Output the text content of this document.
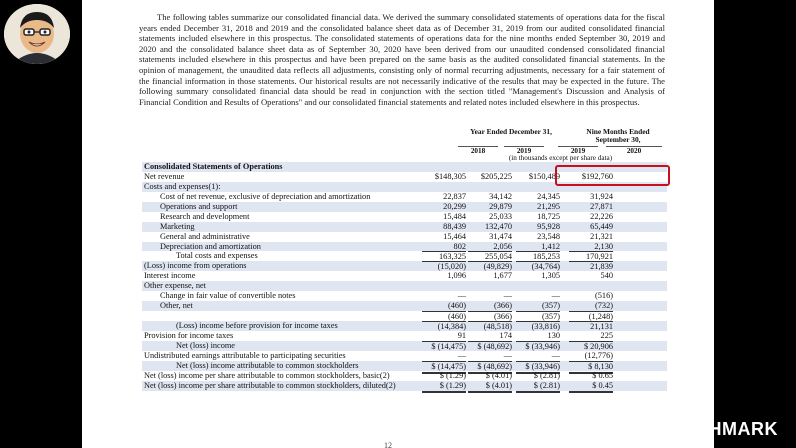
The following tables summarize our consolidated financial data. We derived the summary consolidated statements of operations data for the fiscal years ended December 31, 2018 and 2019 and the consolidated balance sheet data as of December 31, 2019 from our audited consolidated financial statements included elsewhere in this prospectus. The consolidated statements of operations data for the nine months ended September 30, 2019 and 2020 and the consolidated balance sheet data as of September 30, 2020 have been derived from our unaudited condensed consolidated financial statements included elsewhere in this prospectus and have been prepared on the same basis as the audited consolidated financial statements. In the opinion of management, the unaudited data reflects all adjustments, consisting only of normal recurring adjustments, necessary for a fair statement of the financial information in those statements. Our historical results are not necessarily indicative of the results that may be expected in the future. The following summary consolidated financial data should be read in conjunction with the section titled "Management's Discussion and Analysis of Financial Condition and Results of Operations" and our consolidated financial statements and related notes included elsewhere in this prospectus.

Year Ended December 31,	Nine Months Ended September 30,
2018	2019	2019	2020
(in thousands except per share data)
Consolidated Statements of Operations
Net revenue	$148,305	$205,225	$150,489	$192,760
Costs and expenses(1):
Cost of net revenue, exclusive of depreciation and amortization	22,837	34,142	24,345	31,924
Operations and support	20,299	29,879	21,295	27,871
Research and development	15,484	25,033	18,725	22,226
Marketing	88,439	132,470	95,928	65,449
General and administrative	15,464	31,474	23,548	21,321
Depreciation and amortization	802	2,056	1,412	2,130
Total costs and expenses	163,325	255,054	185,253	170,921
(Loss) income from operations	(15,020)	(49,829)	(34,764)	21,839
Interest income	1,096	1,677	1,305	540
Other expense, net
Change in fair value of convertible notes	—	—	—	(516)
Other, net	(460)	(366)	(357)	(732)
(460)	(366)	(357)	(1,248)
(Loss) income before provision for income taxes	(14,384)	(48,518)	(33,816)	21,131
Provision for income taxes	91	174	130	225
Net (loss) income	$ (14,475)	$ (48,692)	$ (33,946)	$ 20,906
Undistributed earnings attributable to participating securities	—	—	—	(12,776)
Net (loss) income attributable to common stockholders	$ (14,475)	$ (48,692)	$ (33,946)	$ 8,130
Net (loss) income per share attributable to common stockholders, basic(2)	$ (1.29)	$ (4.01)	$ (2.81)	$ 0.65
Net (loss) income per share attributable to common stockholders, diluted(2)	$ (1.29)	$ (4.01)	$ (2.81)	$ 0.45
12
P POSHMARK
